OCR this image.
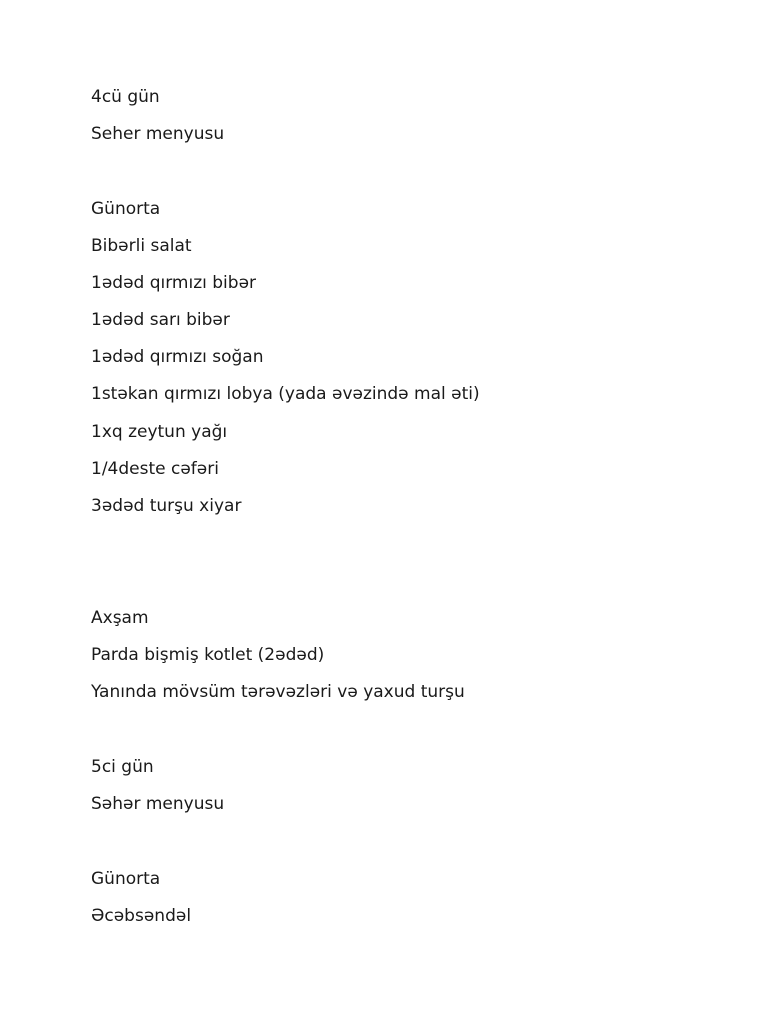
4cü gün
Seher menyusu
Günorta
Bibərli salat
1ədəd qırmızı bibər
1ədəd sarı bibər
1ədəd qırmızı soğan
1stəkan qırmızı lobya (yada əvəzində mal əti)
1xq zeytun yağı
1/4deste cəfəri
3ədəd turşu xiyar
Axşam
Parda bişmiş kotlet (2ədəd)
Yanında mövsüm tərəvəzləri və yaxud turşu
5ci gün
Səhər menyusu
Günorta
Əcəbsəndəl
